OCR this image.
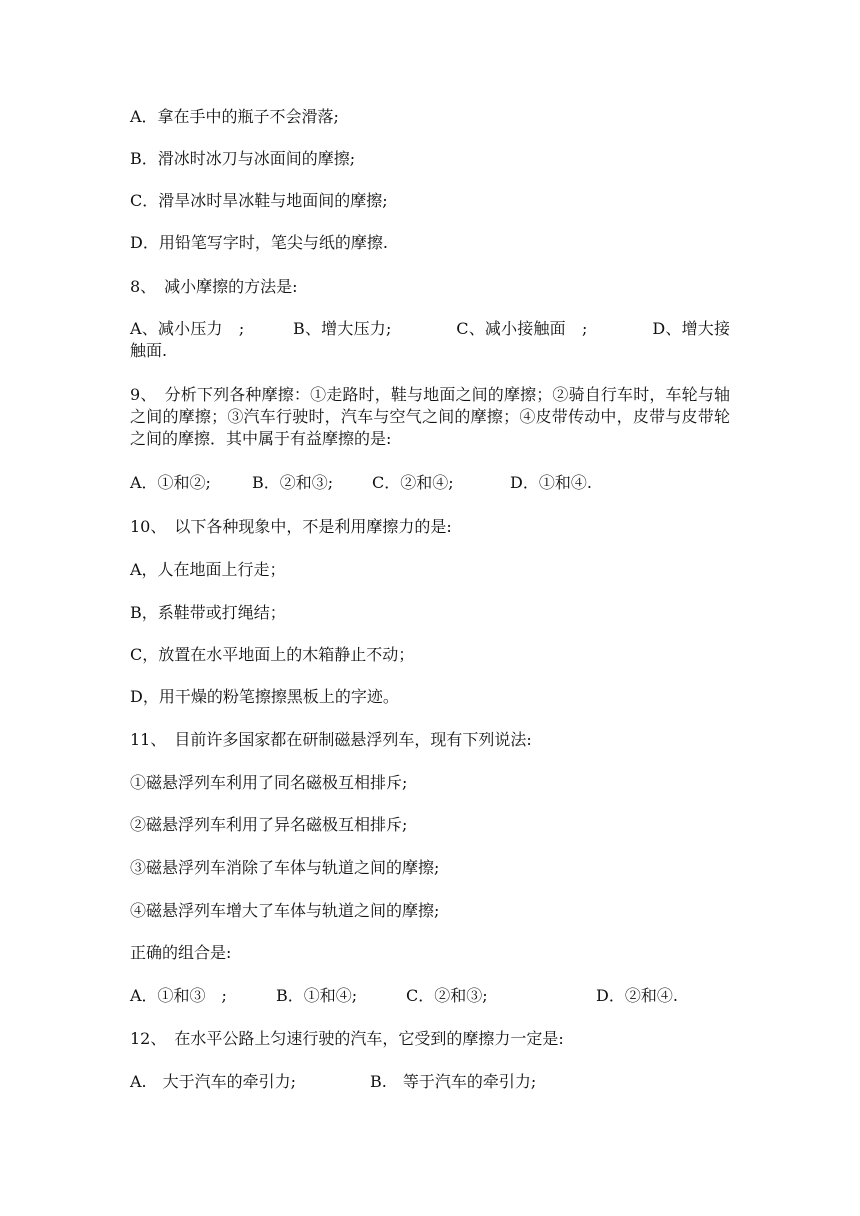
A．拿在手中的瓶子不会滑落;
B．滑冰时冰刀与冰面间的摩擦;
C．滑旱冰时旱冰鞋与地面间的摩擦;
D．用铅笔写字时，笔尖与纸的摩擦.
8、　减小摩擦的方法是:
A、减小压力　;　　　B、增大压力;　　　　C、减小接触面　;　　　　D、增大接触面.
9、　分析下列各种摩擦：①走路时，鞋与地面之间的摩擦；②骑自行车时，车轮与轴之间的摩擦；③汽车行驶时，汽车与空气之间的摩擦；④皮带传动中，皮带与皮带轮之间的摩擦．其中属于有益摩擦的是:
A．①和②;	B．②和③; C．②和④;	D．①和④.
10、　以下各种现象中，不是利用摩擦力的是:
A，人在地面上行走；
B，系鞋带或打绳结；
C，放置在水平地面上的木箱静止不动；
D，用干燥的粉笔擦擦黑板上的字迹。
11、　目前许多国家都在研制磁悬浮列车，现有下列说法:
①磁悬浮列车利用了同名磁极互相排斥;
②磁悬浮列车利用了异名磁极互相排斥;
③磁悬浮列车消除了车体与轨道之间的摩擦;
④磁悬浮列车增大了车体与轨道之间的摩擦;
正确的组合是:
A．①和③　;	B．①和④;	C．②和③;	D．②和④.
12、　在水平公路上匀速行驶的汽车，它受到的摩擦力一定是:
A.　大于汽车的牵引力;	B.　等于汽车的牵引力;
